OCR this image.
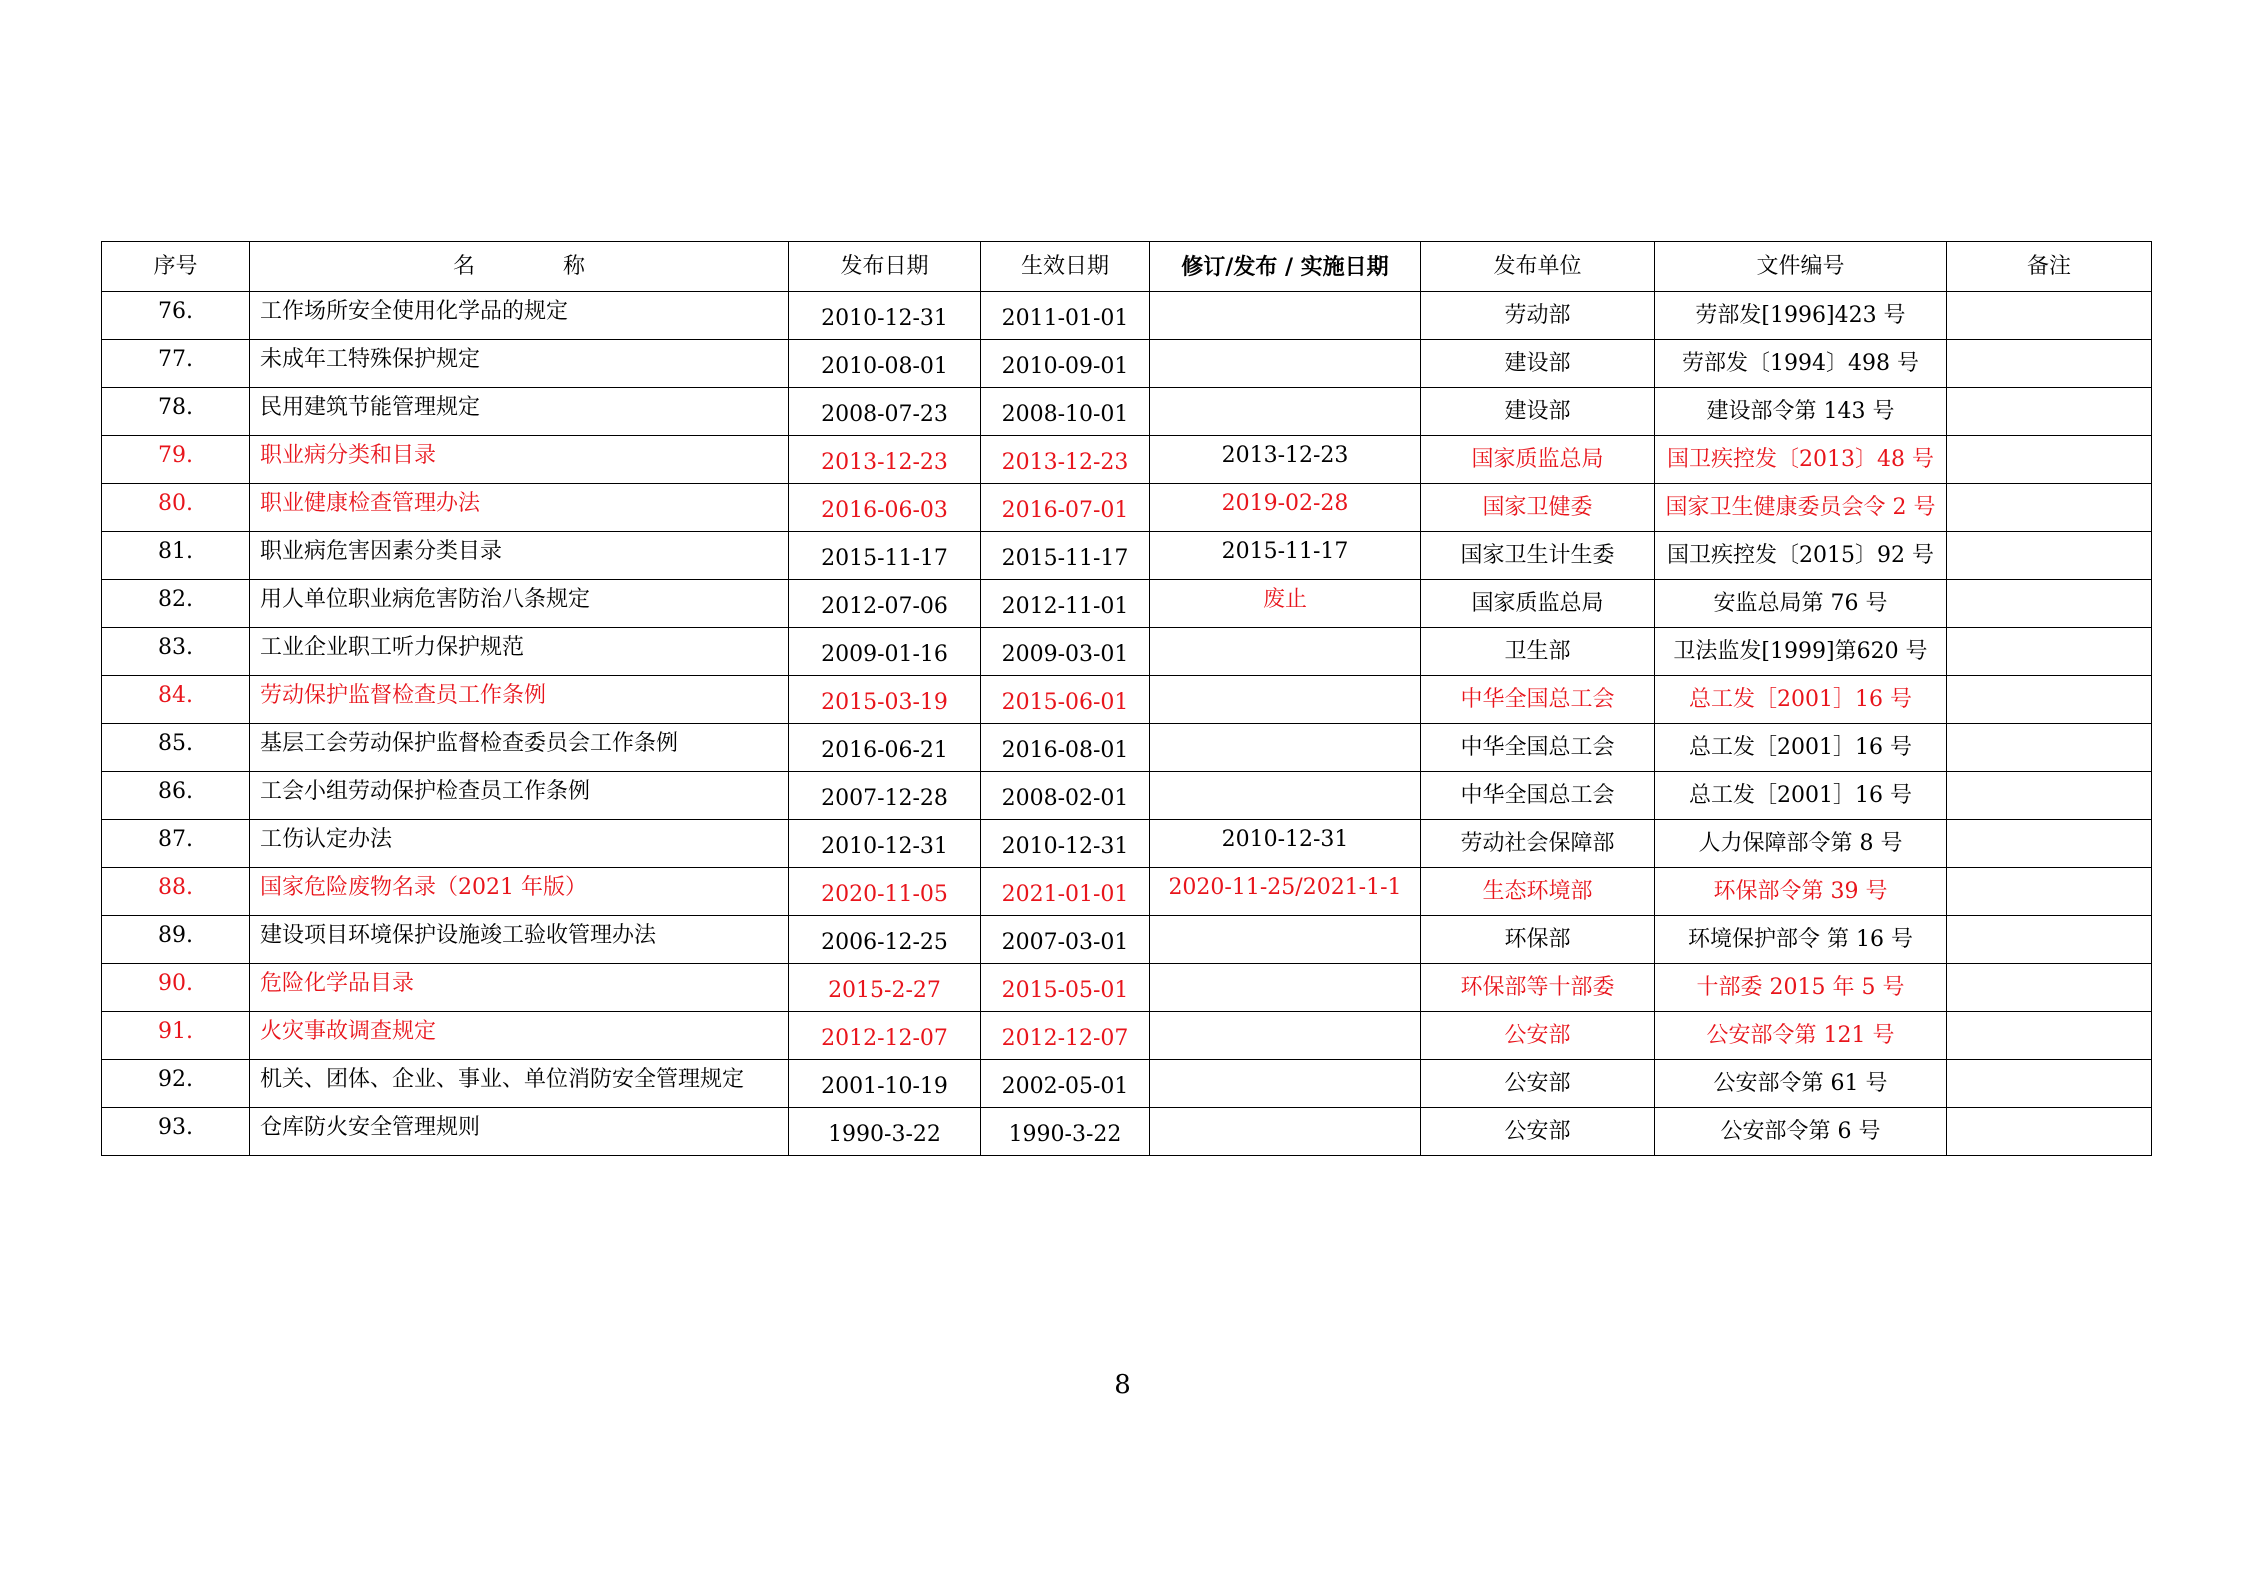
序号	名　　　　称	发布日期	生效日期	修订/发布 / 实施日期	发布单位	文件编号	备注
76.	工作场所安全使用化学品的规定	2010-12-31	2011-01-01		劳动部	劳部发[1996]423 号	
77.	未成年工特殊保护规定	2010-08-01	2010-09-01		建设部	劳部发〔1994〕498 号	
78.	民用建筑节能管理规定	2008-07-23	2008-10-01		建设部	建设部令第 143 号	
79.	职业病分类和目录	2013-12-23	2013-12-23	2013-12-23	国家质监总局	国卫疾控发〔2013〕48 号	
80.	职业健康检查管理办法	2016-06-03	2016-07-01	2019-02-28	国家卫健委	国家卫生健康委员会令 2 号	
81.	职业病危害因素分类目录	2015-11-17	2015-11-17	2015-11-17	国家卫生计生委	国卫疾控发〔2015〕92 号	
82.	用人单位职业病危害防治八条规定	2012-07-06	2012-11-01	废止	国家质监总局	安监总局第 76 号	
83.	工业企业职工听力保护规范	2009-01-16	2009-03-01		卫生部	卫法监发[1999]第620 号	
84.	劳动保护监督检查员工作条例	2015-03-19	2015-06-01		中华全国总工会	总工发［2001］16 号	
85.	基层工会劳动保护监督检查委员会工作条例	2016-06-21	2016-08-01		中华全国总工会	总工发［2001］16 号	
86.	工会小组劳动保护检查员工作条例	2007-12-28	2008-02-01		中华全国总工会	总工发［2001］16 号	
87.	工伤认定办法	2010-12-31	2010-12-31	2010-12-31	劳动社会保障部	人力保障部令第 8 号	
88.	国家危险废物名录（2021 年版）	2020-11-05	2021-01-01	2020-11-25/2021-1-1	生态环境部	环保部令第 39 号	
89.	建设项目环境保护设施竣工验收管理办法	2006-12-25	2007-03-01		环保部	环境保护部令 第 16 号	
90.	危险化学品目录	2015-2-27	2015-05-01		环保部等十部委	十部委 2015 年 5 号	
91.	火灾事故调查规定	2012-12-07	2012-12-07		公安部	公安部令第 121 号	
92.	机关、团体、企业、事业、单位消防安全管理规定	2001-10-19	2002-05-01		公安部	公安部令第 61 号	
93.	仓库防火安全管理规则	1990-3-22	1990-3-22		公安部	公安部令第 6 号	
8
